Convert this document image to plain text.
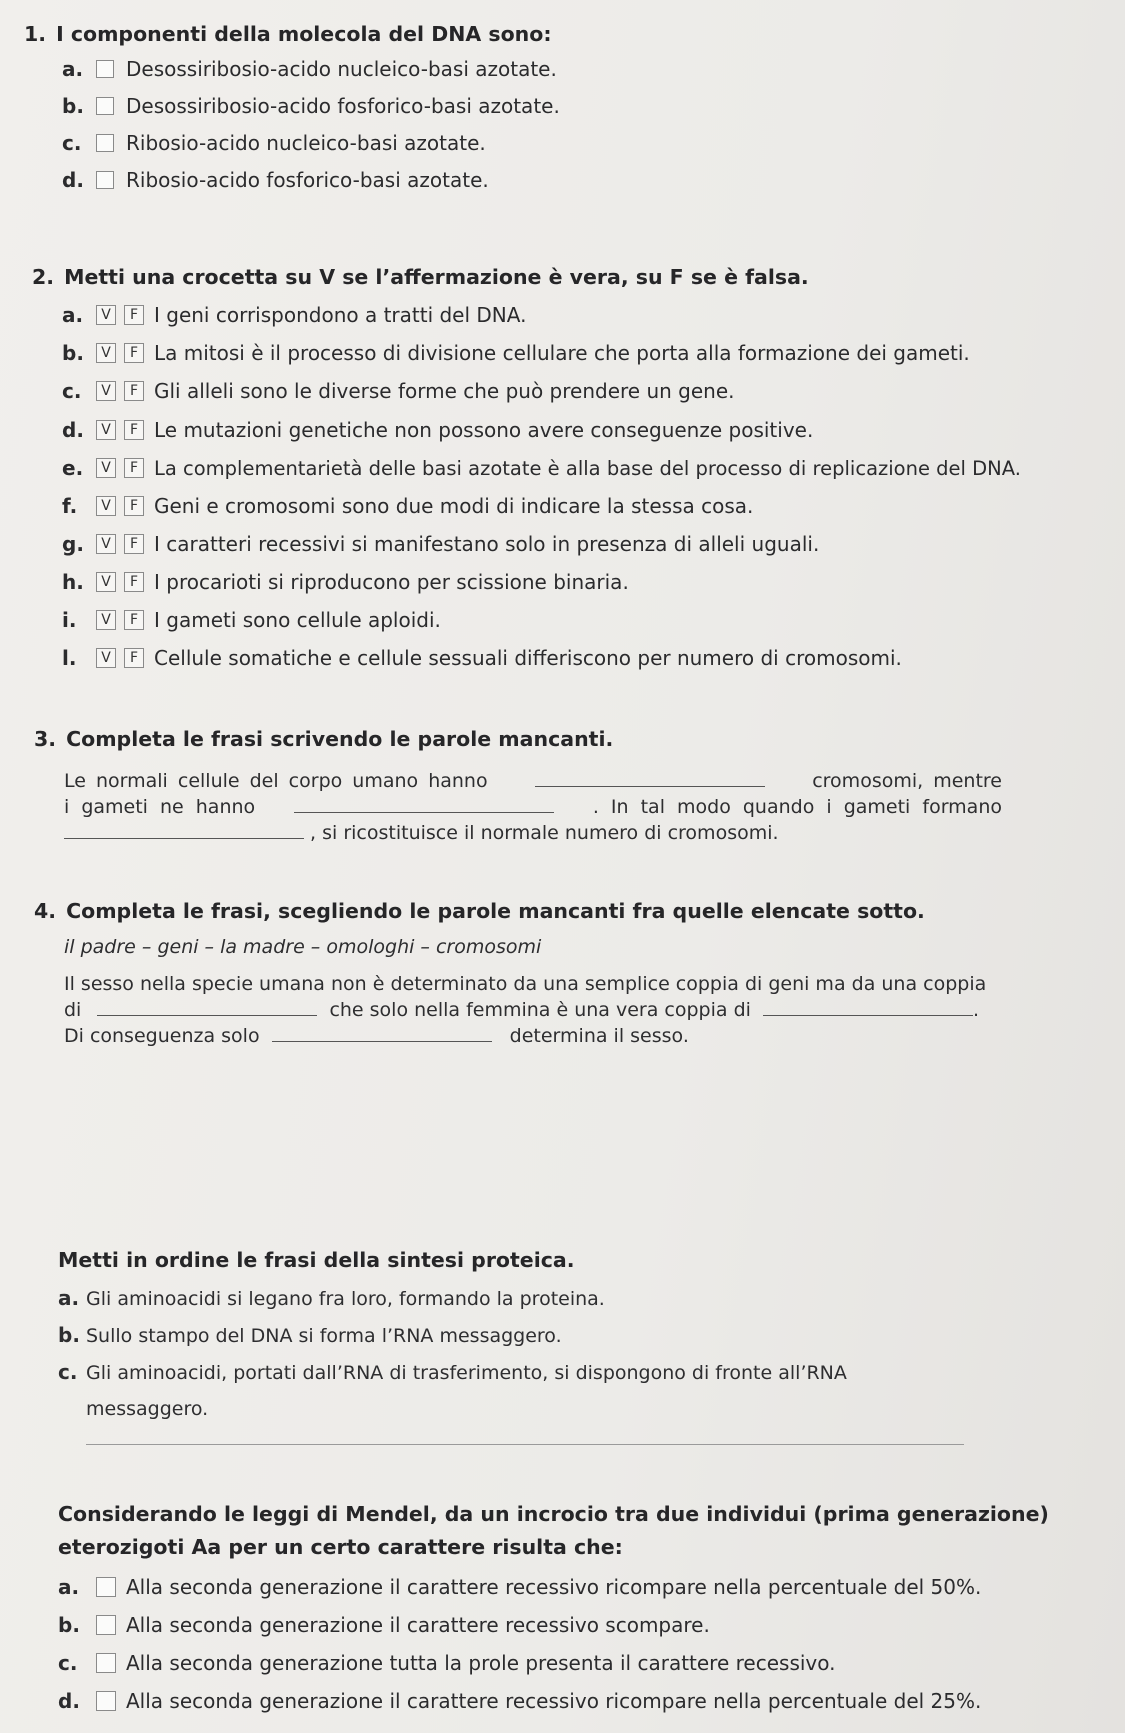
1. I componenti della molecola del DNA sono:
a.	Desossiribosio-acido nucleico-basi azotate.
b.	Desossiribosio-acido fosforico-basi azotate.
c.	Ribosio-acido nucleico-basi azotate.
d.	Ribosio-acido fosforico-basi azotate.
2. Metti una crocetta su V se l’affermazione è vera, su F se è falsa.
a.	V	F I geni corrispondono a tratti del DNA.
b.	V	F La mitosi è il processo di divisione cellulare che porta alla formazione dei gameti.
c.	V	F Gli alleli sono le diverse forme che può prendere un gene.
d.	V	F Le mutazioni genetiche non possono avere conseguenze positive.
e.	V	F La complementarietà delle basi azotate è alla base del processo di replicazione del DNA.
f.	V	F Geni e cromosomi sono due modi di indicare la stessa cosa.
g.	V	F I caratteri recessivi si manifestano solo in presenza di alleli uguali.
h.	V	F I procarioti si riproducono per scissione binaria.
i.	V	F I gameti sono cellule aploidi.
l.	V	F Cellule somatiche e cellule sessuali differiscono per numero di cromosomi.
3. Completa le frasi scrivendo le parole mancanti.
Le normali cellule del corpo umano hanno	cromosomi, mentre
i gameti ne hanno	. In tal modo quando i gameti formano
, si ricostituisce il normale numero di cromosomi.
4. Completa le frasi, scegliendo le parole mancanti fra quelle elencate sotto.
il padre – geni – la madre – omologhi – cromosomi
Il sesso nella specie umana non è determinato da una semplice coppia di geni ma da una coppia
di	che solo nella femmina è una vera coppia di	.
Di conseguenza solo	determina il sesso.
Metti in ordine le frasi della sintesi proteica.
a. Gli aminoacidi si legano fra loro, formando la proteina.
b. Sullo stampo del DNA si forma l’RNA messaggero.
c. Gli aminoacidi, portati dall’RNA di trasferimento, si dispongono di fronte all’RNA
messaggero.
Considerando le leggi di Mendel, da un incrocio tra due individui (prima generazione)
eterozigoti Aa per un certo carattere risulta che:
a.	Alla seconda generazione il carattere recessivo ricompare nella percentuale del 50%.
b.	Alla seconda generazione il carattere recessivo scompare.
c.	Alla seconda generazione tutta la prole presenta il carattere recessivo.
d.	Alla seconda generazione il carattere recessivo ricompare nella percentuale del 25%.
